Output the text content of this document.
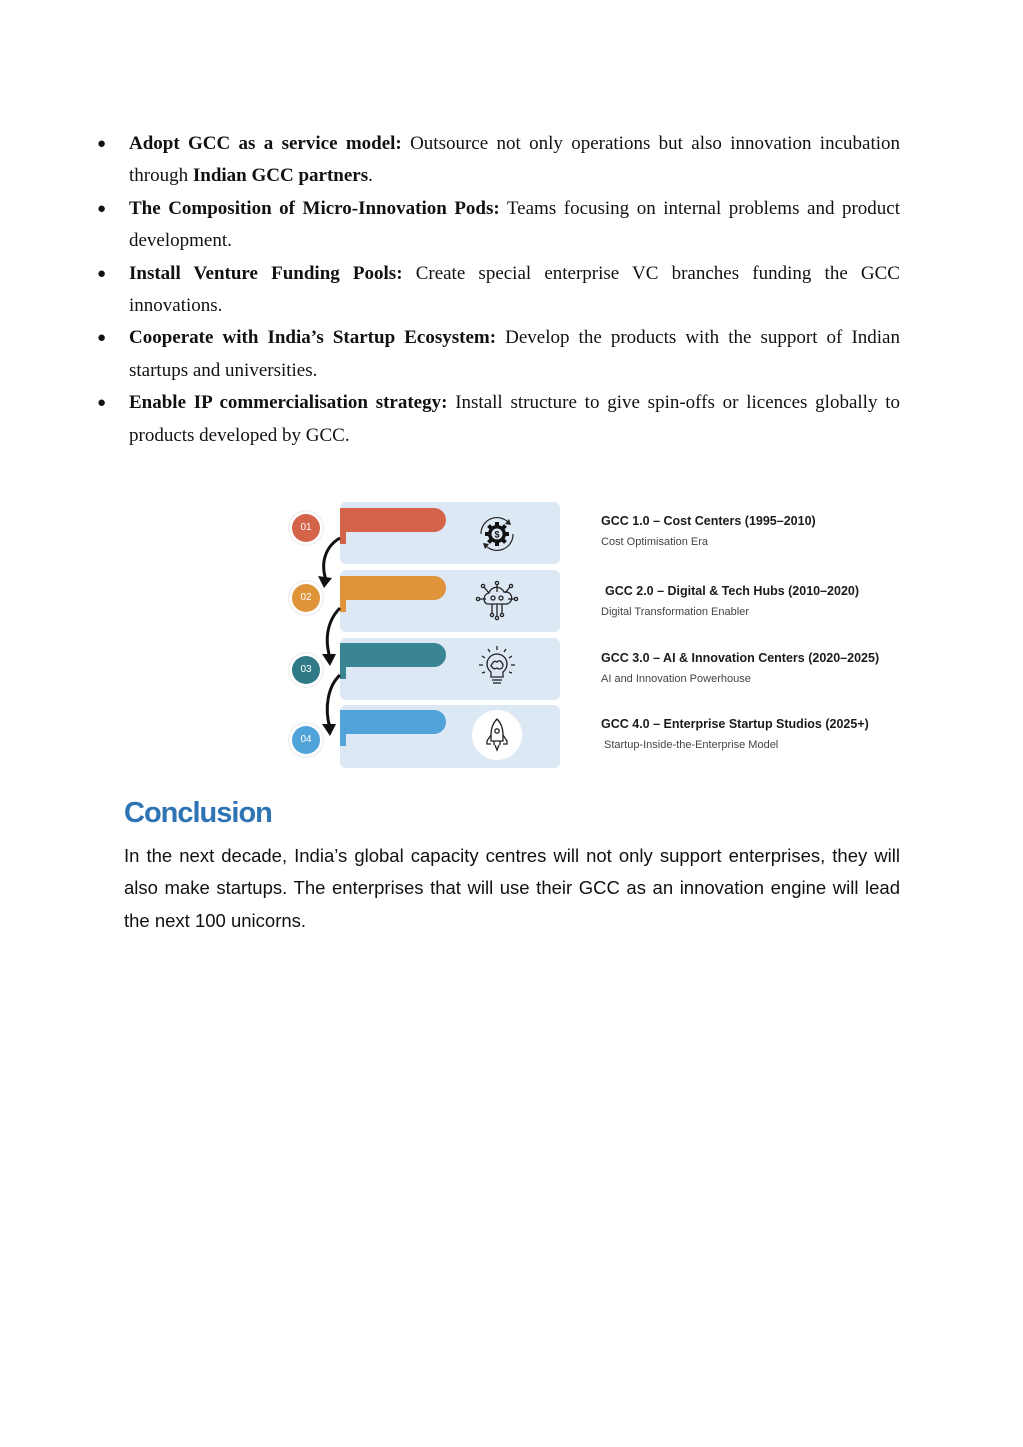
● Adopt GCC as a service model: Outsource not only operations but also innovation incubation through Indian GCC partners.
● The Composition of Micro-Innovation Pods: Teams focusing on internal problems and product development.
● Install Venture Funding Pools: Create special enterprise VC branches funding the GCC innovations.
● Cooperate with India’s Startup Ecosystem: Develop the products with the support of Indian startups and universities.
● Enable IP commercialisation strategy: Install structure to give spin-offs or licences globally to products developed by GCC.
01
$
02
03
04
GCC 1.0 – Cost Centers (1995–2010)
Cost Optimisation Era
GCC 2.0 – Digital & Tech Hubs (2010–2020)
Digital Transformation Enabler
GCC 3.0 – AI & Innovation Centers (2020–2025)
AI and Innovation Powerhouse
GCC 4.0 – Enterprise Startup Studios (2025+)
Startup-Inside-the-Enterprise Model
Conclusion
In the next decade, India’s global capacity centres will not only support enterprises, they will also make startups. The enterprises that will use their GCC as an innovation engine will lead the next 100 unicorns.
